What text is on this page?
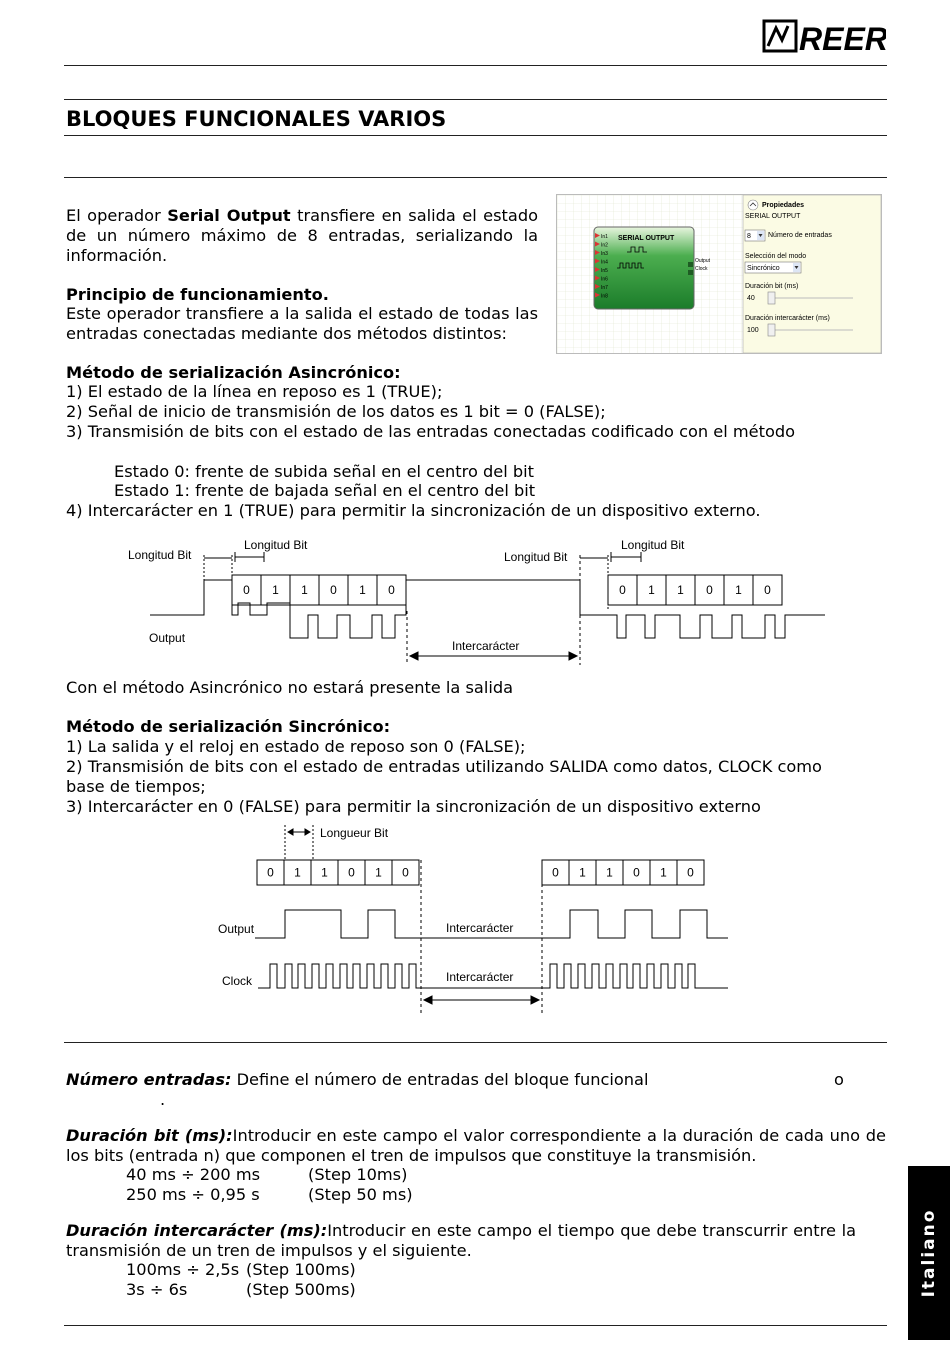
REER
BLOQUES FUNCIONALES VARIOS
El operador Serial Output transfiere en salida el estado de un número máximo de 8 entradas, serializando la información.
Principio de funcionamiento.
Este operador transfiere a la salida el estado de todas las entradas conectadas mediante dos métodos distintos:
SERIAL OUTPUT
In1
In2
In3
In4
In5
In6
In7
In8
Output
Clock
Propiedades
SERIAL OUTPUT
8 Número de entradas
Selección del modo
Sincrónico
Duración bit (ms)
40
Duración intercarácter (ms)
100
Método de serialización Asincrónico:
1) El estado de la línea en reposo es 1 (TRUE);
2) Señal de inicio de transmisión de los datos es 1 bit = 0 (FALSE);
3) Transmisión de bits con el estado de las entradas conectadas codificado con el método
Estado 0: frente de subida señal en el centro del bit
Estado 1: frente de bajada señal en el centro del bit
4) Intercarácter en 1 (TRUE) para permitir la sincronización de un dispositivo externo.
0 1 1 0 1 0	0 1 1 0 1 0
Longitud Bit
Longitud Bit
Longitud Bit
Longitud Bit
Output
Intercarácter
Con el método Asincrónico no estará presente la salida
Método de serialización Sincrónico:
1) La salida y el reloj en estado de reposo son 0 (FALSE);
2) Transmisión de bits con el estado de entradas utilizando SALIDA como datos, CLOCK como
base de tiempos;
3) Intercarácter en 0 (FALSE) para permitir la sincronización de un dispositivo externo
0 1 1 0 1 0	0 1 1 0 1 0
Longueur Bit
Output
Clock
Intercarácter
Intercarácter
Número entradas: Define el número de entradas del bloque funcional	o
.
Duración bit (ms):Introducir en este campo el valor correspondiente a la duración de cada uno de los bits (entrada n) que componen el tren de impulsos que constituye la transmisión.
40 ms ÷ 200 ms	(Step 10ms)
250 ms ÷ 0,95 s	(Step 50 ms)
Duración intercarácter (ms):Introducir en este campo el tiempo que debe transcurrir entre la transmisión de un tren de impulsos y el siguiente.
100ms ÷ 2,5s (Step 100ms)
3s ÷ 6s	(Step 500ms)	Italiano
